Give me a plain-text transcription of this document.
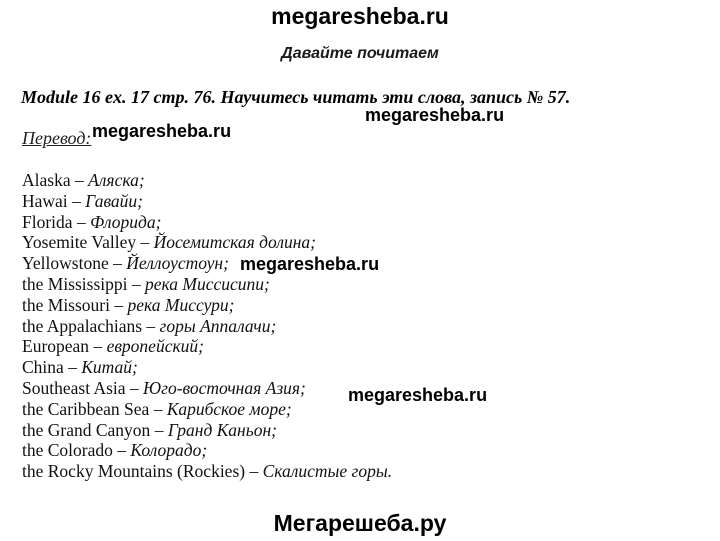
megaresheba.ru
Давайте почитаем
Module 16 ex. 17 стр. 76. Научитесь читать эти слова, запись № 57.
Перевод:
Alaska – Аляска;
Hawai – Гавайи;
Florida – Флорида;
Yosemite Valley – Йосемитская долина;
Yellowstone – Йеллоустоун;
the Mississippi – река Миссисипи;
the Missouri – река Миссури;
the Appalachians – горы Аппалачи;
European – европейский;
China – Китай;
Southeast Asia – Юго-восточная Азия;
the Caribbean Sea – Карибское море;
the Grand Canyon – Гранд Каньон;
the Colorado – Колорадо;
the Rocky Mountains (Rockies) – Скалистые горы.
megaresheba.ru
megaresheba.ru
megaresheba.ru
megaresheba.ru
Мегарешеба.ру
